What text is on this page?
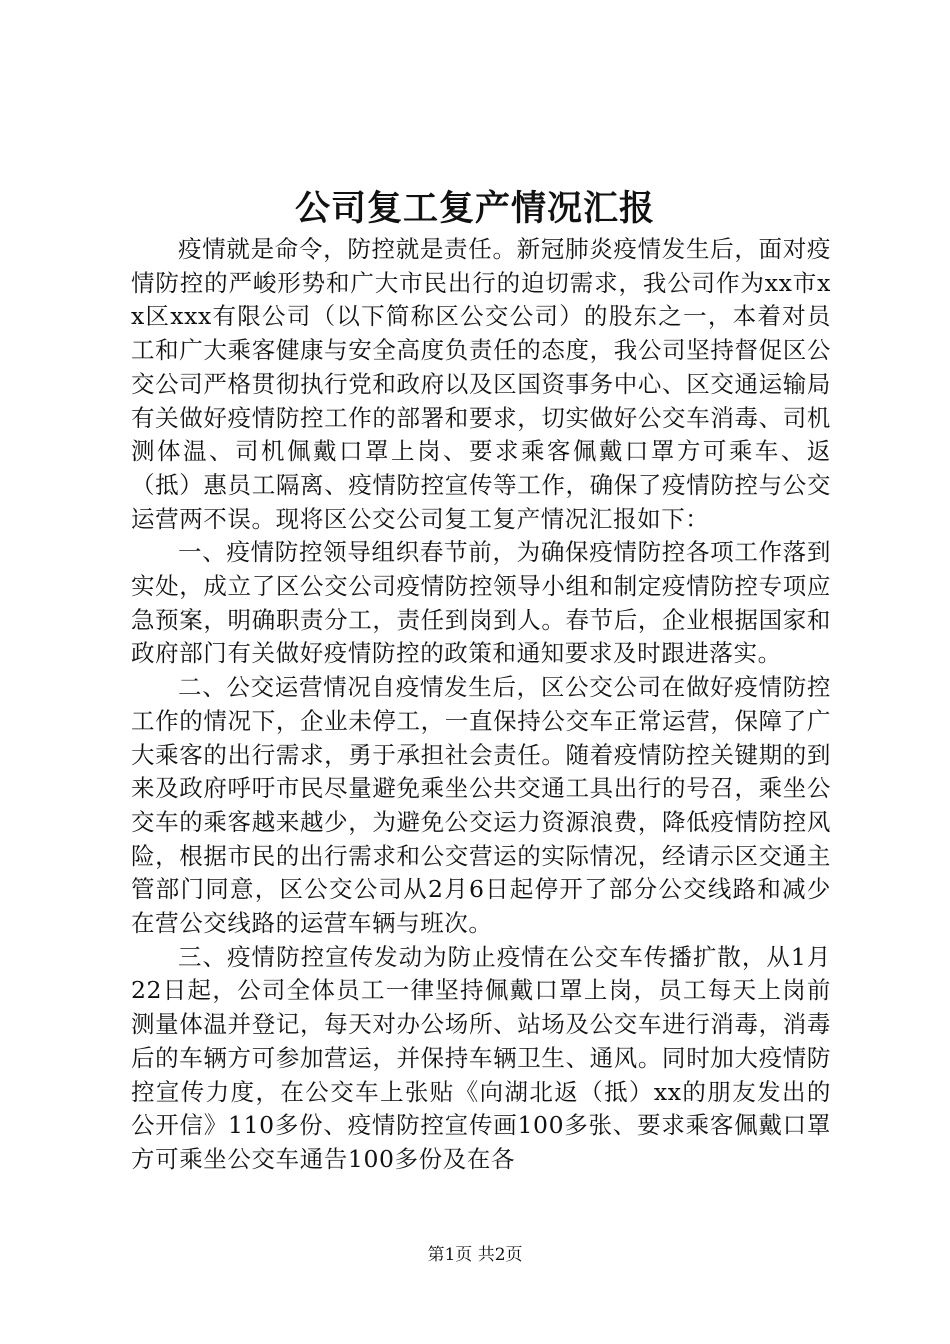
公司复工复产情况汇报

疫情就是命令，防控就是责任。新冠肺炎疫情发生后，面对疫情防控的严峻形势和广大市民出行的迫切需求，我公司作为xx市xx区xxx有限公司（以下简称区公交公司）的股东之一，本着对员工和广大乘客健康与安全高度负责任的态度，我公司坚持督促区公交公司严格贯彻执行党和政府以及区国资事务中心、区交通运输局有关做好疫情防控工作的部署和要求，切实做好公交车消毒、司机测体温、司机佩戴口罩上岗、要求乘客佩戴口罩方可乘车、返（抵）惠员工隔离、疫情防控宣传等工作，确保了疫情防控与公交运营两不误。现将区公交公司复工复产情况汇报如下：

一、疫情防控领导组织春节前，为确保疫情防控各项工作落到实处，成立了区公交公司疫情防控领导小组和制定疫情防控专项应急预案，明确职责分工，责任到岗到人。春节后，企业根据国家和政府部门有关做好疫情防控的政策和通知要求及时跟进落实。

二、公交运营情况自疫情发生后，区公交公司在做好疫情防控工作的情况下，企业未停工，一直保持公交车正常运营，保障了广大乘客的出行需求，勇于承担社会责任。随着疫情防控关键期的到来及政府呼吁市民尽量避免乘坐公共交通工具出行的号召，乘坐公交车的乘客越来越少，为避免公交运力资源浪费，降低疫情防控风险，根据市民的出行需求和公交营运的实际情况，经请示区交通主管部门同意，区公交公司从2月6日起停开了部分公交线路和减少在营公交线路的运营车辆与班次。

三、疫情防控宣传发动为防止疫情在公交车传播扩散，从1月22日起，公司全体员工一律坚持佩戴口罩上岗，员工每天上岗前测量体温并登记，每天对办公场所、站场及公交车进行消毒，消毒后的车辆方可参加营运，并保持车辆卫生、通风。同时加大疫情防控宣传力度，在公交车上张贴《向湖北返（抵）xx的朋友发出的公开信》110多份、疫情防控宣传画100多张、要求乘客佩戴口罩方可乘坐公交车通告100多份及在各

第1页 共2页
